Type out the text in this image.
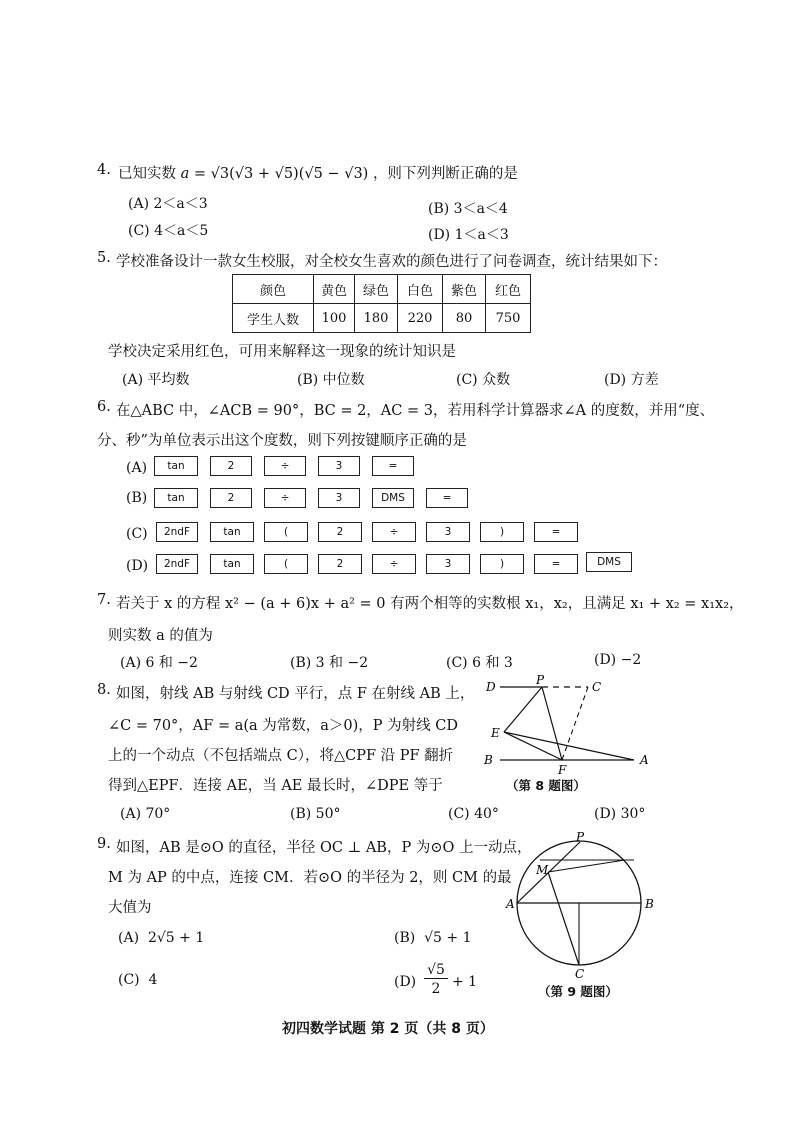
4. 已知实数 a = √3(√3 + √5)(√5 − √3) ，则下列判断正确的是
(A) 2＜a＜3	(B) 3＜a＜4
(C) 4＜a＜5	(D) 1＜a＜3
5. 学校准备设计一款女生校服，对全校女生喜欢的颜色进行了问卷调查，统计结果如下：
颜色	黄色	绿色	白色	紫色	红色
学生人数	100	180	220	80	750
学校决定采用红色，可用来解释这一现象的统计知识是
(A) 平均数	(B) 中位数	(C) 众数	(D) 方差
6. 在△ABC 中，∠ACB = 90°，BC = 2，AC = 3，若用科学计算器求∠A 的度数，并用“度、
分、秒”为单位表示出这个度数，则下列按键顺序正确的是
(A)	tan	2	÷	3	=
(B)	tan	2	÷	3	DMS	=
(C)	2ndF	tan	(	2	÷	3	)	=
(D)	2ndF	tan	(	2	÷	3	)	=	DMS
7. 若关于 x 的方程 x² − (a + 6)x + a² = 0 有两个相等的实数根 x₁，x₂，且满足 x₁ + x₂ = x₁x₂，
则实数 a 的值为
(A) 6 和 −2	(B) 3 和 −2	(C) 6 和 3	(D) −2
8. 如图，射线 AB 与射线 CD 平行，点 F 在射线 AB 上，
∠C = 70°，AF = a(a 为常数，a＞0)，P 为射线 CD
上的一个动点（不包括端点 C），将△CPF 沿 PF 翻折
得到△EPF．连接 AE，当 AE 最长时，∠DPE 等于
(A) 70°	(B) 50°	(C) 40°	(D) 30°
D	P	C
E
B
F
A
（第 8 题图）
9. 如图，AB 是⊙O 的直径，半径 OC ⊥ AB，P 为⊙O 上一动点，
M 为 AP 的中点，连接 CM．若⊙O 的半径为 2，则 CM 的最
大值为
(A) 2√5 + 1	(B) √5 + 1
(C) 4	(D)
√5
2 + 1
P
M
A	B
C
（第 9 题图）
初四数学试题 第 2 页（共 8 页）
